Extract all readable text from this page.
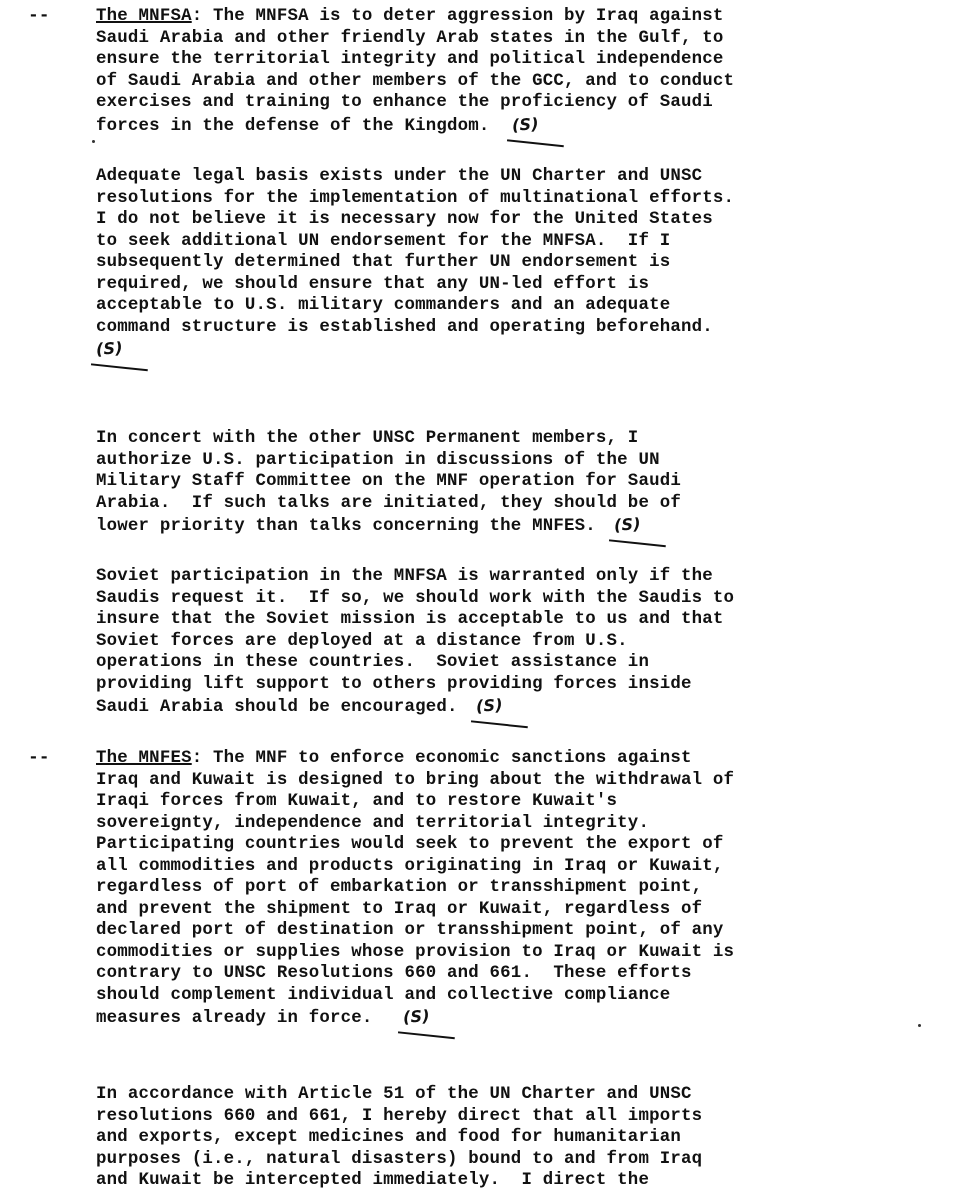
--	The MNFSA: The MNFSA is to deter aggression by Iraq against
Saudi Arabia and other friendly Arab states in the Gulf, to
ensure the territorial integrity and political independence
of Saudi Arabia and other members of the GCC, and to conduct
exercises and training to enhance the proficiency of Saudi
forces in the defense of the Kingdom. (S)
Adequate legal basis exists under the UN Charter and UNSC
resolutions for the implementation of multinational efforts.
I do not believe it is necessary now for the United States
to seek additional UN endorsement for the MNFSA.  If I
subsequently determined that further UN endorsement is
required, we should ensure that any UN-led effort is
acceptable to U.S. military commanders and an adequate
command structure is established and operating beforehand.
(S)
In concert with the other UNSC Permanent members, I
authorize U.S. participation in discussions of the UN
Military Staff Committee on the MNF operation for Saudi
Arabia.  If such talks are initiated, they should be of
lower priority than talks concerning the MNFES. (S)
Soviet participation in the MNFSA is warranted only if the
Saudis request it.  If so, we should work with the Saudis to
insure that the Soviet mission is acceptable to us and that
Soviet forces are deployed at a distance from U.S.
operations in these countries.  Soviet assistance in
providing lift support to others providing forces inside
Saudi Arabia should be encouraged. (S)
--	The MNFES: The MNF to enforce economic sanctions against
Iraq and Kuwait is designed to bring about the withdrawal of
Iraqi forces from Kuwait, and to restore Kuwait's
sovereignty, independence and territorial integrity.
Participating countries would seek to prevent the export of
all commodities and products originating in Iraq or Kuwait,
regardless of port of embarkation or transshipment point,
and prevent the shipment to Iraq or Kuwait, regardless of
declared port of destination or transshipment point, of any
commodities or supplies whose provision to Iraq or Kuwait is
contrary to UNSC Resolutions 660 and 661.  These efforts
should complement individual and collective compliance
measures already in force. (S)
In accordance with Article 51 of the UN Charter and UNSC
resolutions 660 and 661, I hereby direct that all imports
and exports, except medicines and food for humanitarian
purposes (i.e., natural disasters) bound to and from Iraq
and Kuwait be intercepted immediately.  I direct the
